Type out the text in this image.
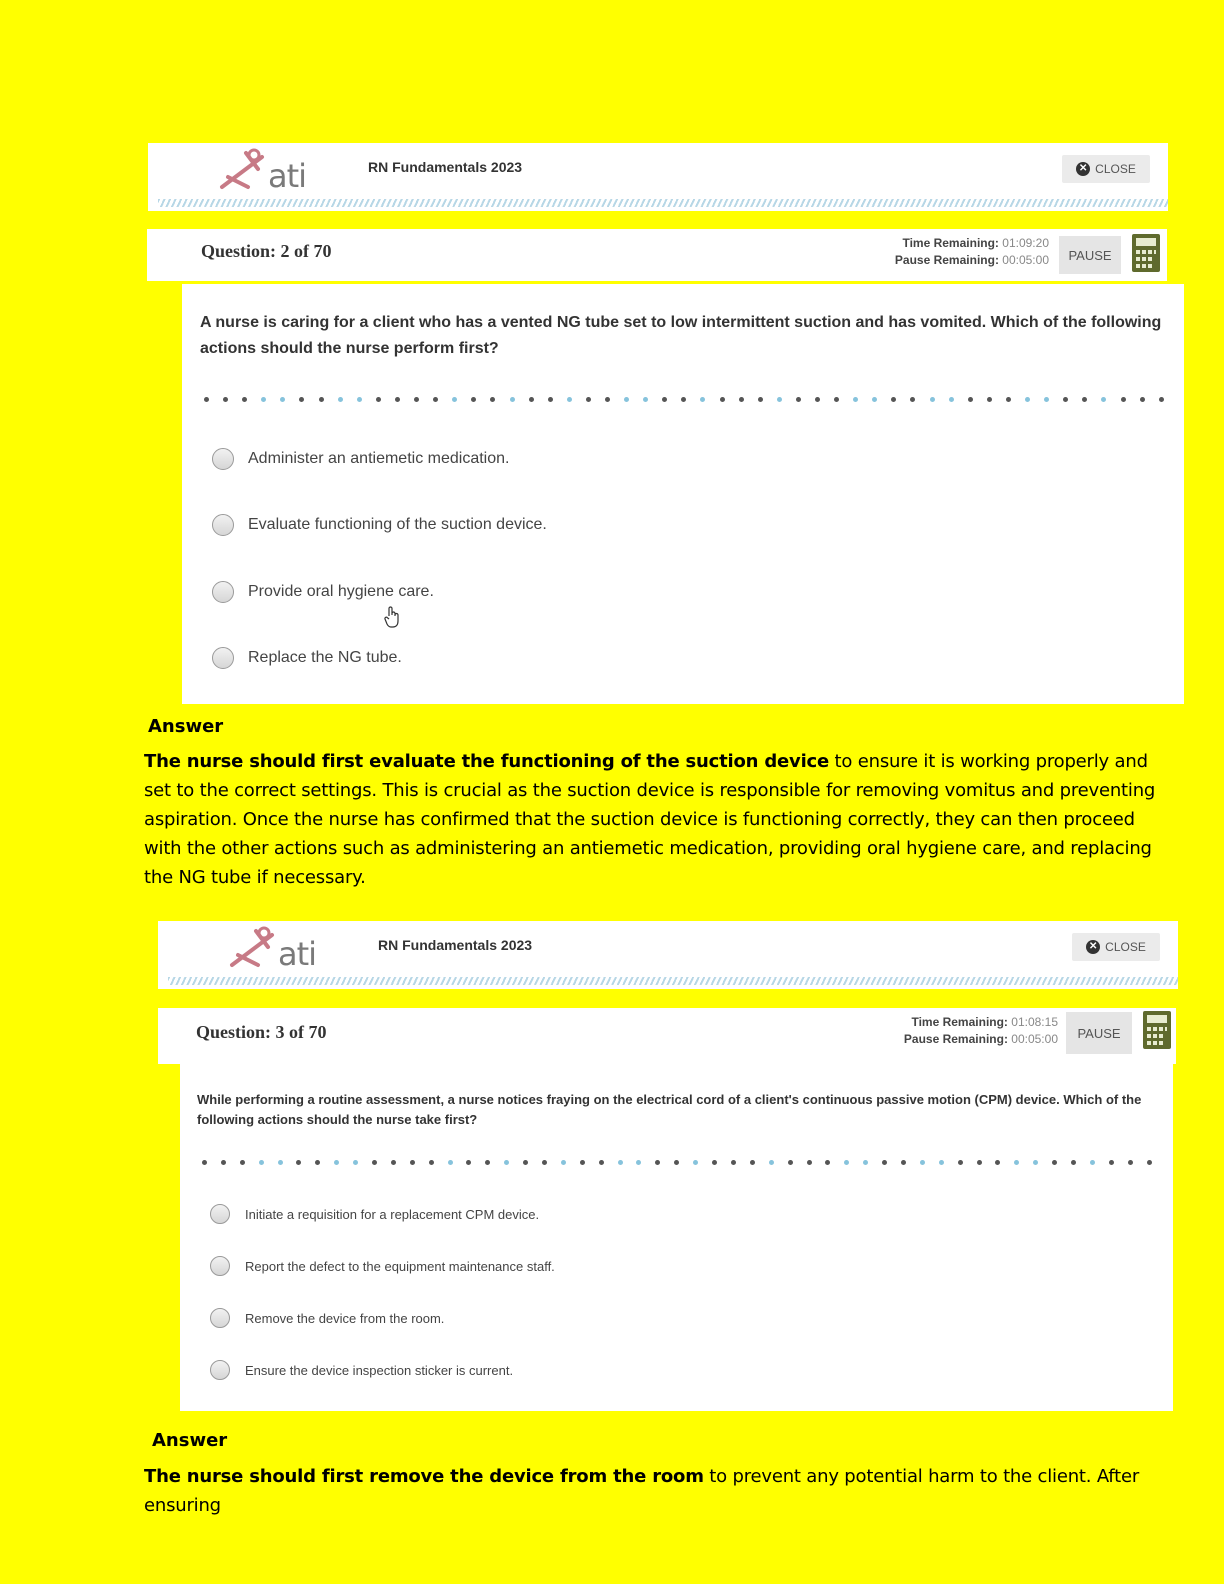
ati	RN Fundamentals 2023	✕ CLOSE
Question: 2 of 70	Time Remaining: 01:09:20
Pause Remaining: 00:05:00	PAUSE
A nurse is caring for a client who has a vented NG tube set to low intermittent suction and has vomited. Which of the following actions should the nurse perform first?
Administer an antiemetic medication.
Evaluate functioning of the suction device.
Provide oral hygiene care.
Replace the NG tube.
Answer
The nurse should first evaluate the functioning of the suction device to ensure it is working properly and set to the correct settings. This is crucial as the suction device is responsible for removing vomitus and preventing aspiration. Once the nurse has confirmed that the suction device is functioning correctly, they can then proceed with the other actions such as administering an antiemetic medication, providing oral hygiene care, and replacing the NG tube if necessary.
ati	RN Fundamentals 2023	✕ CLOSE
Question: 3 of 70	Time Remaining: 01:08:15
Pause Remaining: 00:05:00	PAUSE
While performing a routine assessment, a nurse notices fraying on the electrical cord of a client's continuous passive motion (CPM) device. Which of the following actions should the nurse take first?
Initiate a requisition for a replacement CPM device.
Report the defect to the equipment maintenance staff.
Remove the device from the room.
Ensure the device inspection sticker is current.
Answer
The nurse should first remove the device from the room to prevent any potential harm to the client. After ensuring
